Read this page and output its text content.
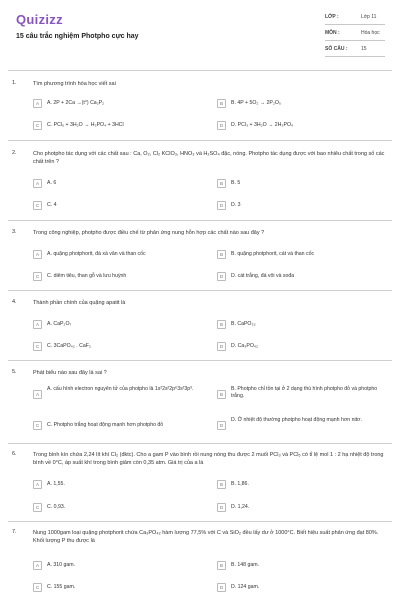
Quizizz
15 câu trắc nghiệm Photpho cực hay
LỚP :	Lớp 11
MÔN :	Hóa học
SỐ CÂU :	15
1.	Tìm phương trình hóa học viết sai
A	A. 2P + 2Ca →(t°) Ca₂P₂	B	B. 4P + 5O₂ → 2P₂O₅
C	C. PCl₅ + 3H₂O → H₃PO₄ + 3HCl	D	D. PCl₃ + 3H₂O → 2H₃PO₄
2.	Cho photpho tác dụng với các chất sau : Ca, O₂, Cl₂ KClO₃, HNO₃ và H₂SO₄ đặc, nóng. Photpho tác dụng được với bao nhiêu chất trong số các chất trên ?
A	A. 6	B	B. 5
C	C. 4	D	D. 3
3.	Trong công nghiệp, photpho được điều chế từ phản ứng nung hỗn hợp các chất nào sau đây ?
A	A. quặng photphorit, đá xà vân và than cốc	B	B. quặng photphorit, cát và than cốc
C	C. diêm tiêu, than gỗ và lưu huỳnh	D	D. cát trắng, đá vôi và sođa
4.	Thành phần chính của quặng apatit là
A	A. CaP₂O₇	B	B. CaPO₃₂
C	C. 3CaPO₄₂ . CaF₂	D	D. Ca₃PO₄₂
5.	Phát biểu nào sau đây là sai ?
A
A. cấu hình electron nguyên tử của photpho là 1s²2s²2p⁶3s²3p³.
B
B. Photpho chỉ tồn tại ở 2 dạng thù hình photpho đỏ và photpho trắng.
C	C. Photpho trắng hoạt động mạnh hơn photpho đỏ	D
D. Ở nhiệt độ thường photpho hoạt động mạnh hơn nitơ.
6.	Trong bình kín chứa 2,24 lít khí Cl₂ (đktc). Cho a gam P vào bình rồi nung nóng thu được 2 muối PCl₃ và PCl₅ có tỉ lệ mol 1 : 2 hạ nhiệt độ trong bình về 0°C, áp suất khí trong bình giảm còn 0,35 atm. Giá trị của a là
A	A. 1,55.	B	B. 1,86.
C	C. 0,93.	D	D. 1,24.
7.	Nung 1000gam loại quặng photphorit chứa Ca₃PO₄₂ hàm lượng 77,5% với C và SiO₂ đều lấy dư ở 1000°C. Biết hiệu suất phản ứng đạt 80%. Khối lượng P thu được là
A	A. 310 gam.	B	B. 148 gam.
C	C. 155 gam.	D	D. 124 gam.
